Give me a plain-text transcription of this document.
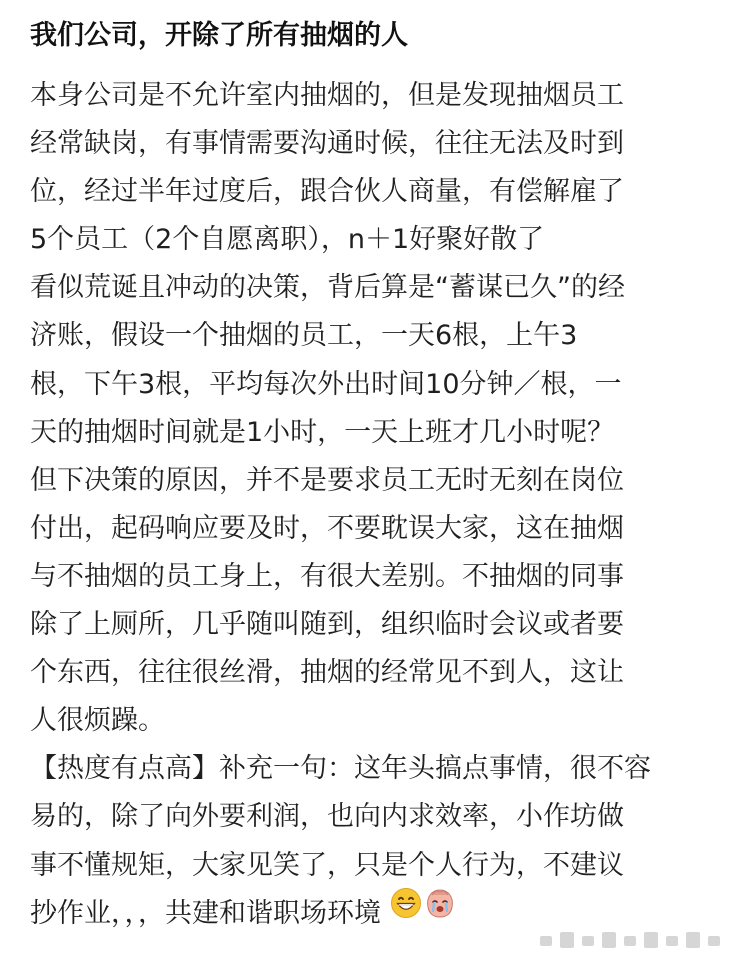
我们公司，开除了所有抽烟的人
本身公司是不允许室内抽烟的，但是发现抽烟员工
经常缺岗，有事情需要沟通时候，往往无法及时到
位，经过半年过度后，跟合伙人商量，有偿解雇了
5个员工（2个自愿离职），n＋1好聚好散了
看似荒诞且冲动的决策，背后算是“蓄谋已久”的经
济账，假设一个抽烟的员工，一天6根，上午3
根，下午3根，平均每次外出时间10分钟／根，一
天的抽烟时间就是1小时，一天上班才几小时呢？
但下决策的原因，并不是要求员工无时无刻在岗位
付出，起码响应要及时，不要耽误大家，这在抽烟
与不抽烟的员工身上，有很大差别。不抽烟的同事
除了上厕所，几乎随叫随到，组织临时会议或者要
个东西，往往很丝滑，抽烟的经常见不到人，这让
人很烦躁。
【热度有点高】补充一句：这年头搞点事情，很不容
易的，除了向外要利润，也向内求效率，小作坊做
事不懂规矩，大家见笑了，只是个人行为，不建议
抄作业，，，共建和谐职场环境
